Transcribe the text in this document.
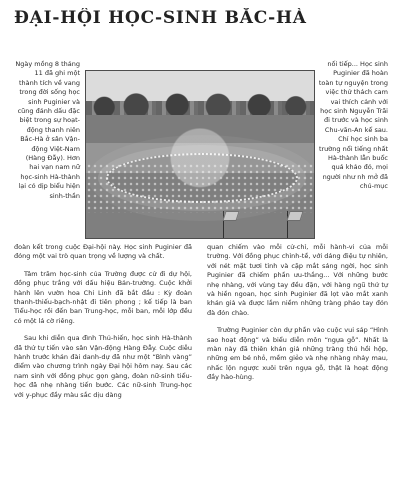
ĐẠI-HỘI HỌC-SINH BẮC-HÀ
Ngày mồng 8 tháng 11 đã ghi một thành tích về vang trong đời sống học sinh Puginier và cũng đánh dấu đặc biệt trong sự hoạt-động thanh niên Bắc-Hà ở sân Vận-động Việt-Nam (Hàng Đẫy). Hơn hai vạn nam nữ học-sinh Hà-thành lại có dịp biểu hiện sinh-thần
nối tiếp... Học sinh Puginier đã hoàn toàn tự nguyện trong việc thử thách cam vai thích cảnh với học sinh Nguyễn Trãi đi trước và học sinh Chu-văn-An kể sau. Chỉ học sinh ba trường nổi tiếng nhất Hà-thành lẫn buổc quá khảo đó, mọi người như nh mở đã chú-mục

đoàn kết trong cuộc Đại-hội này. Học sinh Puginier đã đóng một vai trò quan trọng về lượng và chất.

Tâm trăm học-sinh của Trường được cử đi dự hội, đồng phục trắng với dấu hiệu Bản-trường. Cuộc khởi hành lên vườn hoa Chi Linh đã bắt đầu : Kỳ đoàn thanh-thiếu-bạch-nhật đi tiên phong ; kế tiếp là ban Tiểu-học rồi đến ban Trung-học, mỗi ban, mỗi lớp đều có một lá cờ riêng.

Sau khi diễn qua đình Thủ-hiến, học sinh Hà-thành đã thứ tự tiến vào sân Vận-động Hàng Đẫy. Cuộc diễu hành trước khán đài danh-dự đã như một “Bình vàng” điểm vào chương trình ngày Đại hội hôm nay. Sau các nam sinh với đồng phục gọn gàng, đoàn nữ-sinh tiểu-học đã nhẹ nhàng tiến bước. Các nữ-sinh Trung-học với y-phục đầy màu sắc dịu dàng

quan chiếm vào mỗi cử-chỉ, mỗi hành-vi của mỗi trường. Với đồng phục chỉnh-tề, với dáng điệu tự nhiên, với nét mặt tươi tỉnh và cặp mắt sáng ngời, học sinh Puginier đã chiếm phần ưu-thắng... Với những bước nhẹ nhàng, với vùng tay đều đặn, với hàng ngũ thứ tự và hiền ngoan, học sinh Puginier đã lọt vào mắt xanh khán giả và được lắm niềm những tràng pháo tay đón đà đón chào.

Trường Puginier còn dự phần vào cuộc vui sáp “Hình sao hoạt động” và biểu diễn môn “ngựa gỗ”. Nhất là màn này đã thiên khán giả những tràng thú hồi hộp, những em bé nhỏ, mềm giẻo và nhẹ nhàng nhảy mau, nhấc lộn ngược xuôi trên ngựa gỗ, thật là hoạt động đầy hào-hùng.
